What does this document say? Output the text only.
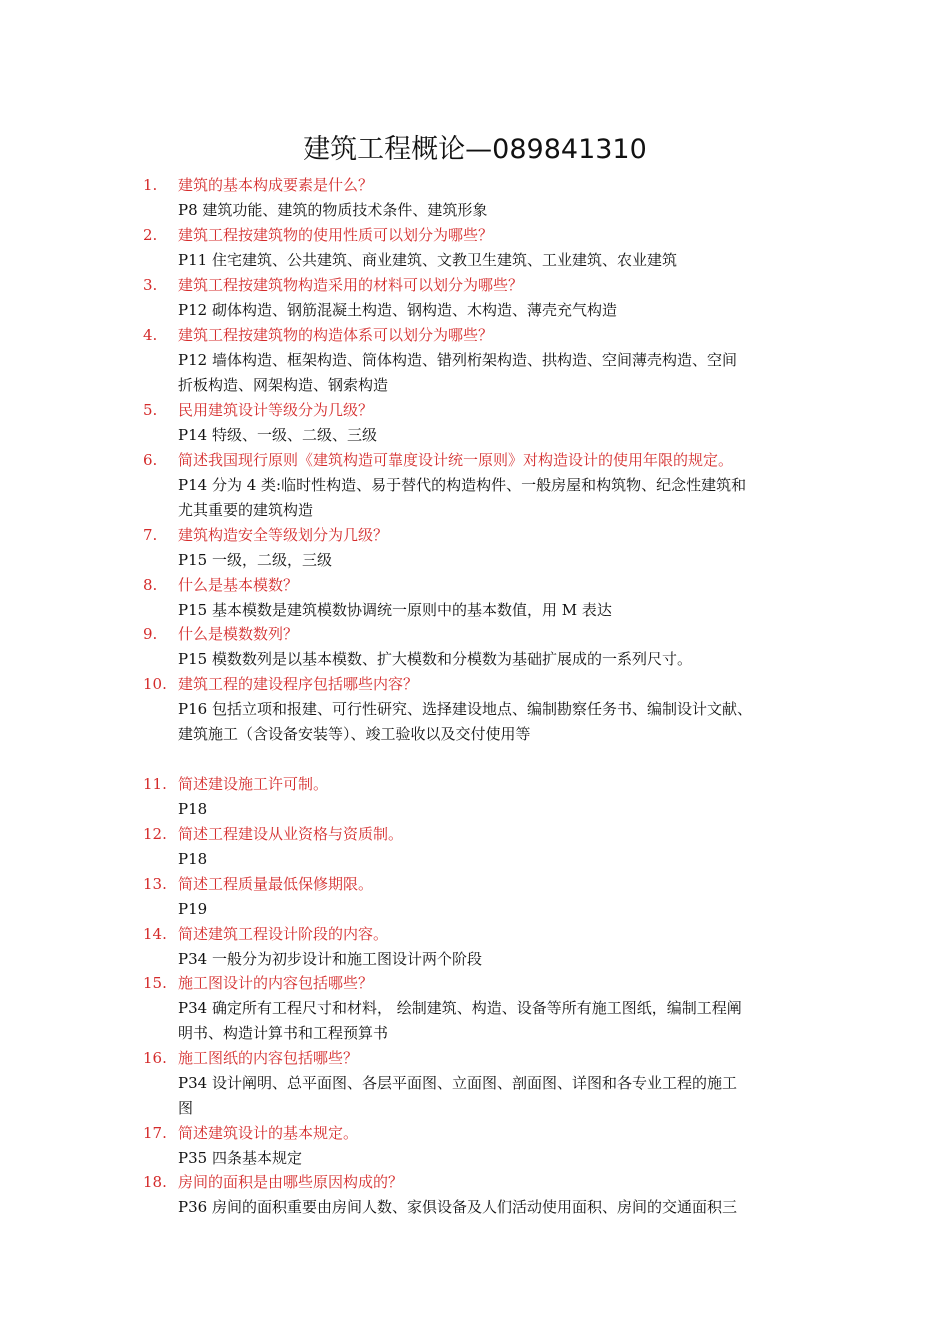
建筑工程概论—089841310
1. 建筑的基本构成要素是什么？
P8 建筑功能、建筑的物质技术条件、建筑形象
2. 建筑工程按建筑物的使用性质可以划分为哪些？
P11 住宅建筑、公共建筑、商业建筑、文教卫生建筑、工业建筑、农业建筑
3. 建筑工程按建筑物构造采用的材料可以划分为哪些？
P12 砌体构造、钢筋混凝土构造、钢构造、木构造、薄壳充气构造
4. 建筑工程按建筑物的构造体系可以划分为哪些？
P12 墙体构造、框架构造、筒体构造、错列桁架构造、拱构造、空间薄壳构造、空间
折板构造、网架构造、钢索构造
5. 民用建筑设计等级分为几级？
P14 特级、一级、二级、三级
6. 简述我国现行原则《建筑构造可靠度设计统一原则》对构造设计的使用年限的规定。
P14 分为 4 类:临时性构造、易于替代的构造构件、一般房屋和构筑物、纪念性建筑和
尤其重要的建筑构造
7. 建筑构造安全等级划分为几级？
P15 一级，二级，三级
8. 什么是基本模数？
P15 基本模数是建筑模数协调统一原则中的基本数值，用 M 表达
9. 什么是模数数列？
P15 模数数列是以基本模数、扩大模数和分模数为基础扩展成的一系列尺寸。
10. 建筑工程的建设程序包括哪些内容？
P16 包括立项和报建、可行性研究、选择建设地点、编制勘察任务书、编制设计文献、
建筑施工（含设备安装等）、竣工验收以及交付使用等
11. 简述建设施工许可制。
P18
12. 简述工程建设从业资格与资质制。
P18
13. 简述工程质量最低保修期限。
P19
14. 简述建筑工程设计阶段的内容。
P34 一般分为初步设计和施工图设计两个阶段
15. 施工图设计的内容包括哪些？
P34 确定所有工程尺寸和材料， 绘制建筑、构造、设备等所有施工图纸，编制工程阐
明书、构造计算书和工程预算书
16. 施工图纸的内容包括哪些？
P34 设计阐明、总平面图、各层平面图、立面图、剖面图、详图和各专业工程的施工
图
17. 简述建筑设计的基本规定。
P35 四条基本规定
18. 房间的面积是由哪些原因构成的？
P36 房间的面积重要由房间人数、家俱设备及人们活动使用面积、房间的交通面积三
